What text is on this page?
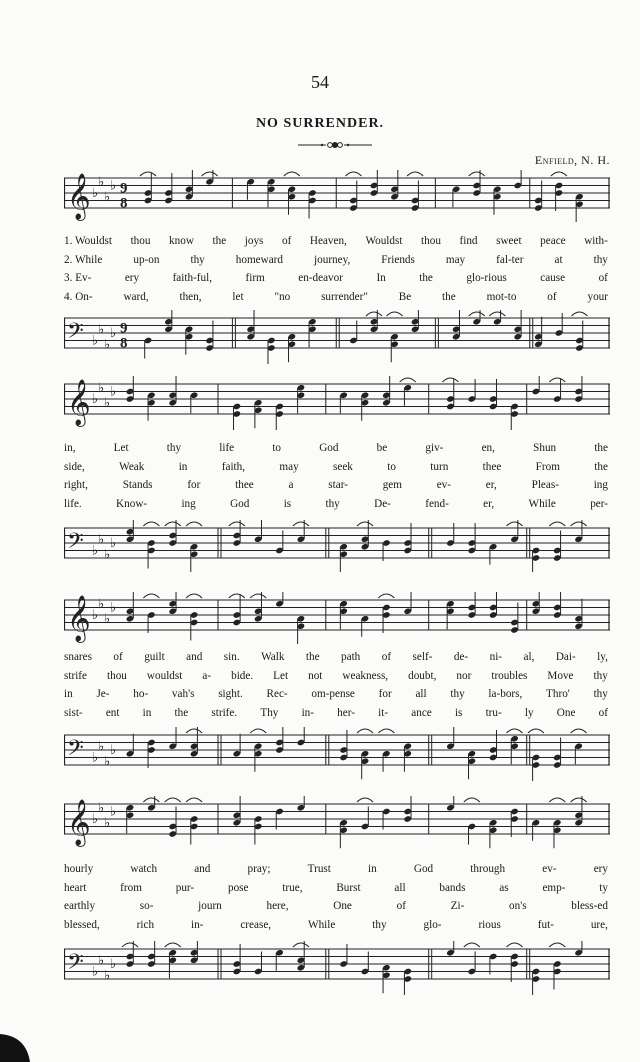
54
NO SURRENDER.
Enfield, N. H.
𝄞 ♭
♭
♭
♭ 9
8
1. Wouldst thou know the joys of Heaven, Wouldst thou find sweet peace with-
2. While	up-on	thy	homeward	journey,	Friends	may	fal-ter	at	thy
3. Ev-	ery	faith-ful,	firm	en-deavor	In	the	glo-rious	cause	of
4. On-	ward,	then,	let	"no	surrender"	Be	the	mot-to	of	your
𝄢 ♭
♭
♭
♭ 9
8
𝄞 ♭
♭
♭
♭
in,	Let	thy	life	to	God	be	giv-	en,	Shun	the
side,	Weak	in	faith,	may	seek	to	turn	thee	From	the
right,	Stands	for	thee	a	star-	gem	ev-	er,	Pleas-	ing
life.	Know-	ing	God	is	thy	De-	fend-	er,	While	per-
𝄢 ♭
♭
♭
♭
𝄞 ♭
♭
♭
♭
snares of guilt and sin. Walk the path of self- de- ni- al, Dai- ly,
strife thou wouldst a- bide. Let not weakness, doubt, nor troubles Move thy
in Je- ho- vah's sight. Rec- om-pense for all thy la-bors, Thro' thy
sist- ent in the strife. Thy in- her- it- ance is tru- ly One of
𝄢 ♭
♭
♭
♭
𝄞 ♭
♭
♭
♭
hourly	watch	and	pray;	Trust	in	God	through	ev-	ery
heart	from	pur-	pose	true,	Burst	all	bands	as	emp-	ty
earthly	so-	journ	here,	One	of	Zi-	on's	bless-ed
blessed,	rich	in-	crease,	While	thy	glo-	rious	fut-	ure,
𝄢 ♭
♭
♭
♭
